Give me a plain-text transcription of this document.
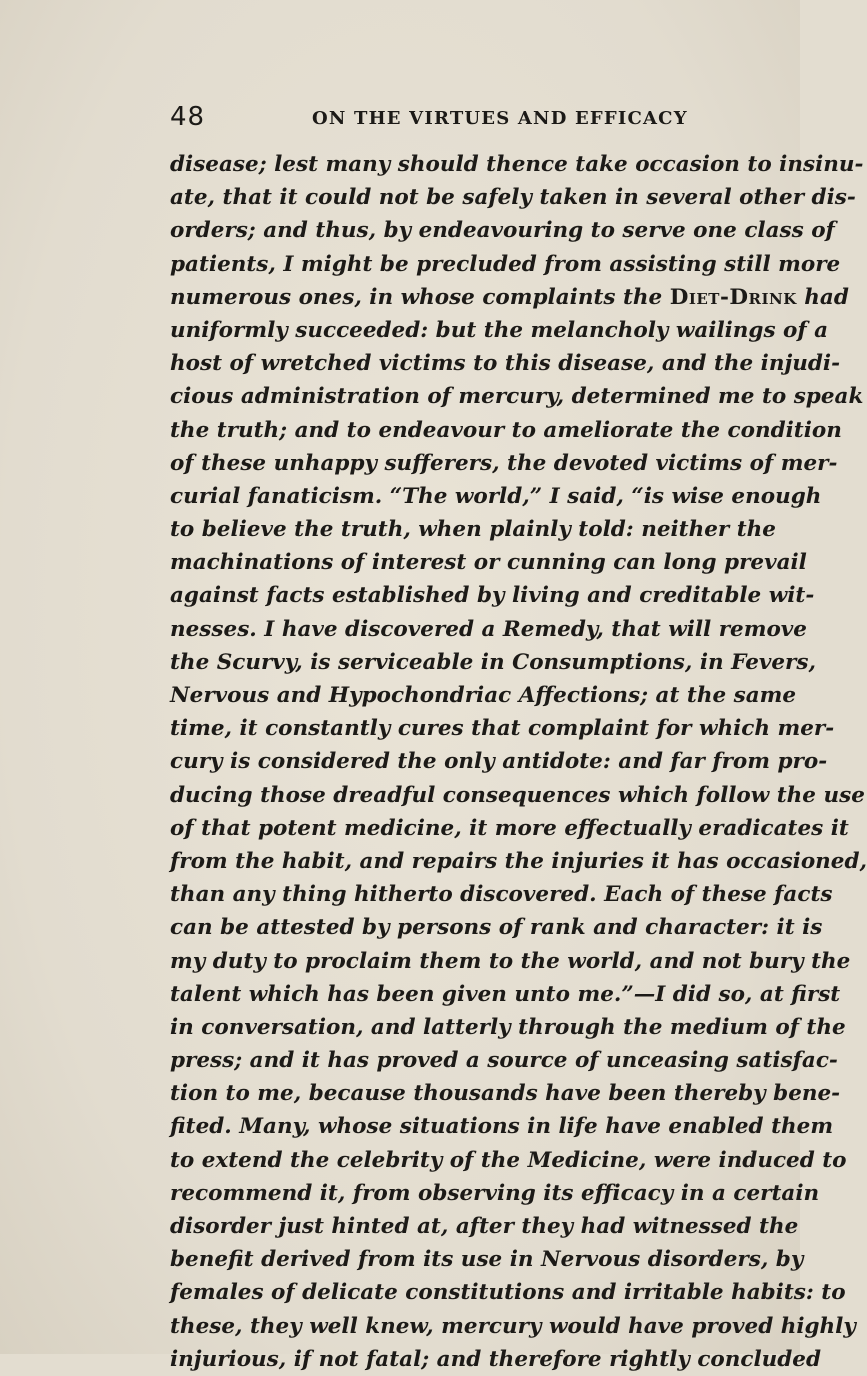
48	ON THE VIRTUES AND EFFICACY
disease; lest many should thence take occasion to insinu-
ate, that it could not be safely taken in several other dis-
orders; and thus, by endeavouring to serve one class of
patients, I might be precluded from assisting still more
numerous ones, in whose complaints the Diet-Drink had
uniformly succeeded: but the melancholy wailings of a
host of wretched victims to this disease, and the injudi-
cious administration of mercury, determined me to speak
the truth; and to endeavour to ameliorate the condition
of these unhappy sufferers, the devoted victims of mer-
curial fanaticism. “The world,” I said, “is wise enough
to believe the truth, when plainly told: neither the
machinations of interest or cunning can long prevail
against facts established by living and creditable wit-
nesses. I have discovered a Remedy, that will remove
the Scurvy, is serviceable in Consumptions, in Fevers,
Nervous and Hypochondriac Affections; at the same
time, it constantly cures that complaint for which mer-
cury is considered the only antidote: and far from pro-
ducing those dreadful consequences which follow the use
of that potent medicine, it more effectually eradicates it
from the habit, and repairs the injuries it has occasioned,
than any thing hitherto discovered. Each of these facts
can be attested by persons of rank and character: it is
my duty to proclaim them to the world, and not bury the
talent which has been given unto me.”—I did so, at first
in conversation, and latterly through the medium of the
press; and it has proved a source of unceasing satisfac-
tion to me, because thousands have been thereby bene-
fited. Many, whose situations in life have enabled them
to extend the celebrity of the Medicine, were induced to
recommend it, from observing its efficacy in a certain
disorder just hinted at, after they had witnessed the
benefit derived from its use in Nervous disorders, by
females of delicate constitutions and irritable habits: to
these, they well knew, mercury would have proved highly
injurious, if not fatal; and therefore rightly concluded
